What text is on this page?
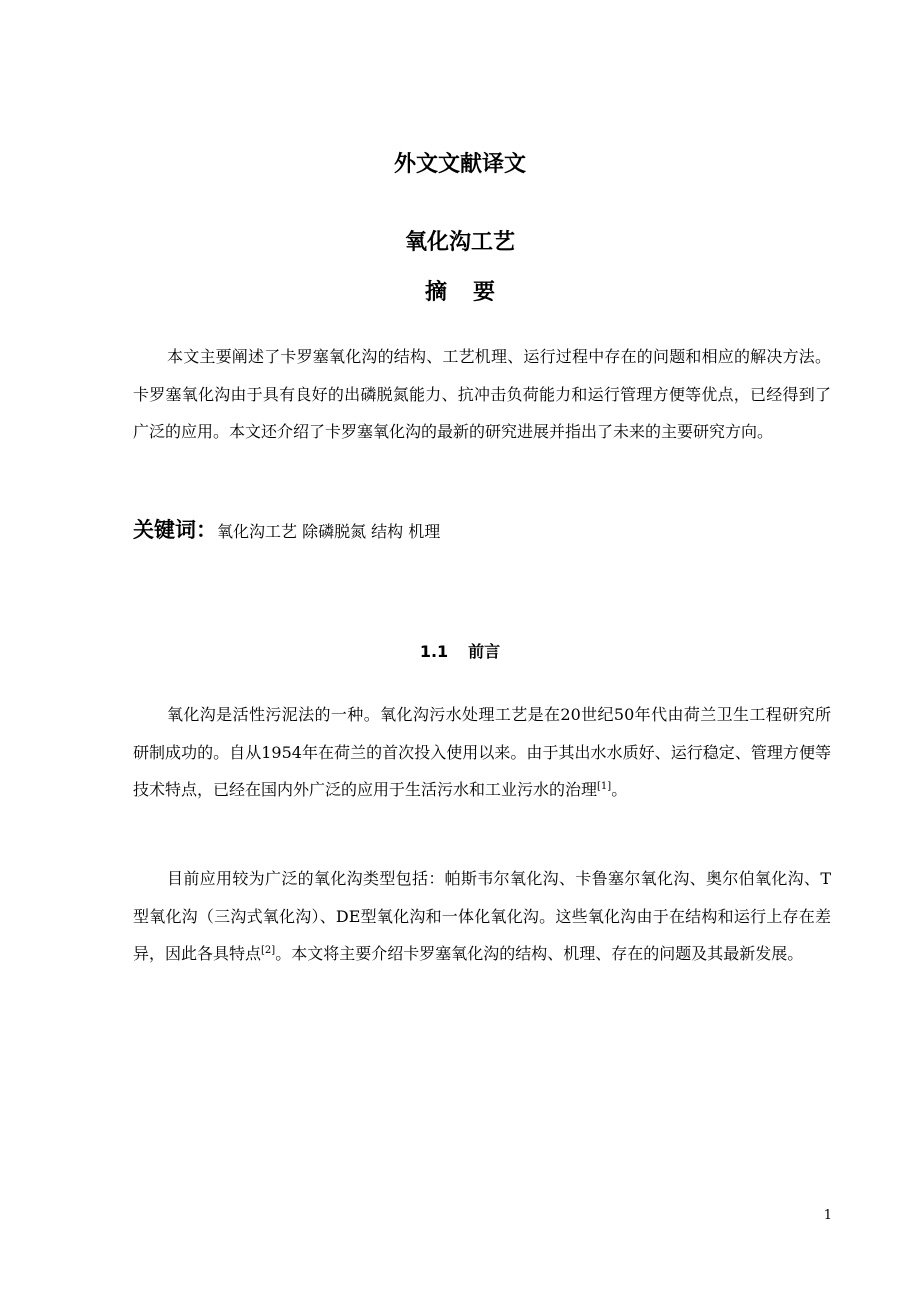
外文文献译文
氧化沟工艺
摘要

本文主要阐述了卡罗塞氧化沟的结构、工艺机理、运行过程中存在的问题和相应的解决方法。卡罗塞氧化沟由于具有良好的出磷脱氮能力、抗冲击负荷能力和运行管理方便等优点，已经得到了广泛的应用。本文还介绍了卡罗塞氧化沟的最新的研究进展并指出了未来的主要研究方向。

关键词：氧化沟工艺 除磷脱氮 结构 机理
1.1 前言

氧化沟是活性污泥法的一种。氧化沟污水处理工艺是在20世纪50年代由荷兰卫生工程研究所研制成功的。自从1954年在荷兰的首次投入使用以来。由于其出水水质好、运行稳定、管理方便等技术特点，已经在国内外广泛的应用于生活污水和工业污水的治理[1]。

目前应用较为广泛的氧化沟类型包括：帕斯韦尔氧化沟、卡鲁塞尔氧化沟、奥尔伯氧化沟、T型氧化沟（三沟式氧化沟）、DE型氧化沟和一体化氧化沟。这些氧化沟由于在结构和运行上存在差异，因此各具特点[2]。本文将主要介绍卡罗塞氧化沟的结构、机理、存在的问题及其最新发展。

1
